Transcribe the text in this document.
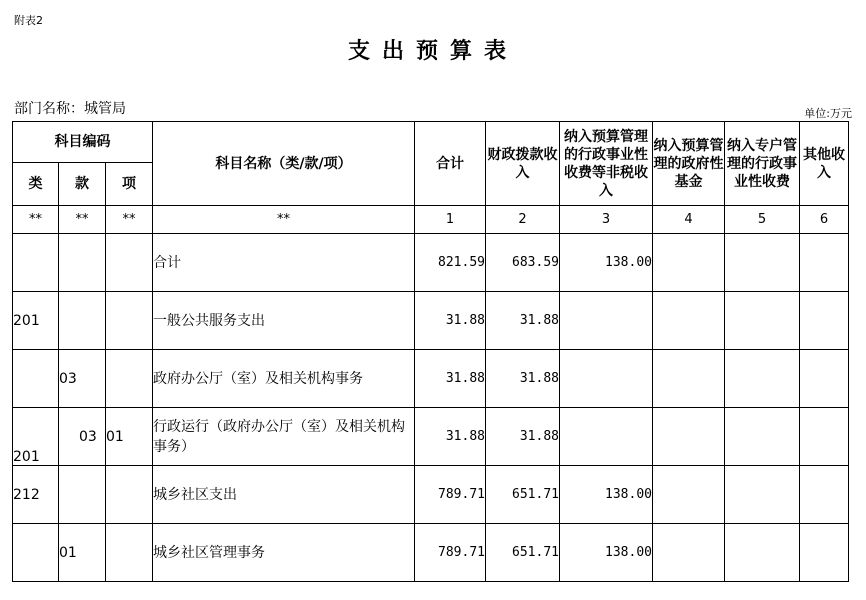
附表2
支出预算表
部门名称：城管局	单位:万元
科目编码			科目名称（类/款/项）	合计	财政拨款收入	纳入预算管理的行政事业性收费等非税收入	纳入预算管理的政府性基金	纳入专户管理的行政事业性收费	其他收入
类	款	项							
**	**	**	**	1	2	3	4	5	6
			合计	821.59	683.59	138.00			
201			一般公共服务支出	31.88	31.88				
	03		政府办公厅（室）及相关机构事务	31.88	31.88				
201	03	01	行政运行（政府办公厅（室）及相关机构事务）	31.88	31.88				
212			城乡社区支出	789.71	651.71	138.00			
	01		城乡社区管理事务	789.71	651.71	138.00			
